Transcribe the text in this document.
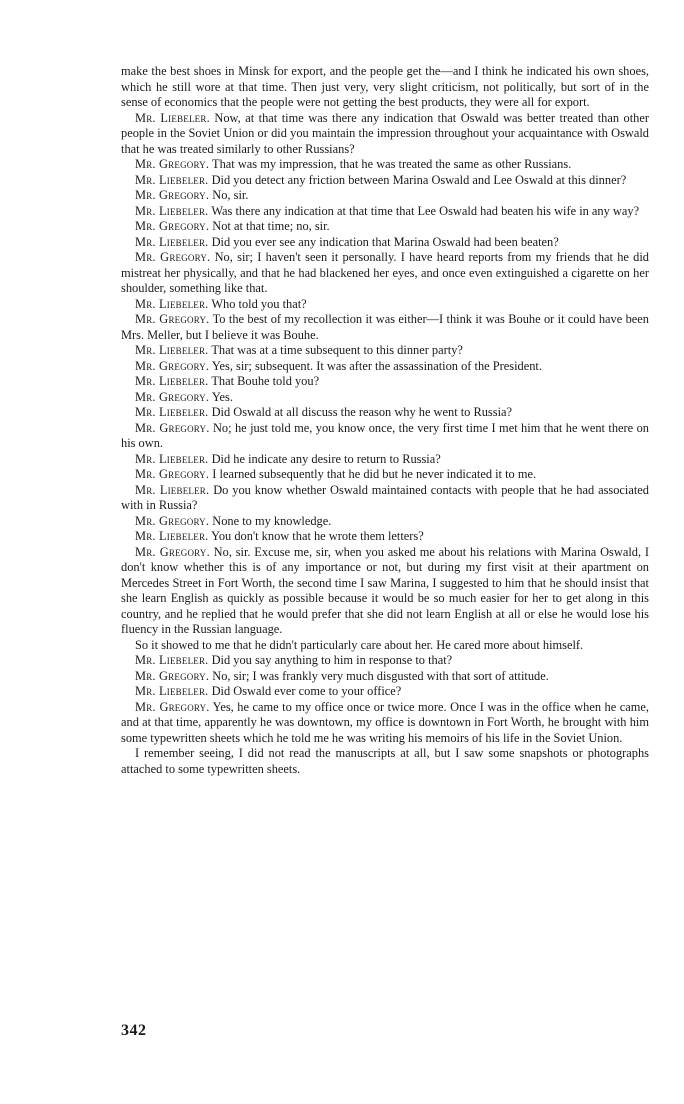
make the best shoes in Minsk for export, and the people get the—and I think he indicated his own shoes, which he still wore at that time. Then just very, very slight criticism, not politically, but sort of in the sense of economics that the people were not getting the best products, they were all for export.

Mr. Liebeler. Now, at that time was there any indication that Oswald was better treated than other people in the Soviet Union or did you maintain the impression throughout your acquaintance with Oswald that he was treated similarly to other Russians?

Mr. Gregory. That was my impression, that he was treated the same as other Russians.

Mr. Liebeler. Did you detect any friction between Marina Oswald and Lee Oswald at this dinner?

Mr. Gregory. No, sir.

Mr. Liebeler. Was there any indication at that time that Lee Oswald had beaten his wife in any way?

Mr. Gregory. Not at that time; no, sir.

Mr. Liebeler. Did you ever see any indication that Marina Oswald had been beaten?

Mr. Gregory. No, sir; I haven't seen it personally. I have heard reports from my friends that he did mistreat her physically, and that he had blackened her eyes, and once even extinguished a cigarette on her shoulder, something like that.

Mr. Liebeler. Who told you that?

Mr. Gregory. To the best of my recollection it was either—I think it was Bouhe or it could have been Mrs. Meller, but I believe it was Bouhe.

Mr. Liebeler. That was at a time subsequent to this dinner party?

Mr. Gregory. Yes, sir; subsequent. It was after the assassination of the President.

Mr. Liebeler. That Bouhe told you?

Mr. Gregory. Yes.

Mr. Liebeler. Did Oswald at all discuss the reason why he went to Russia?

Mr. Gregory. No; he just told me, you know once, the very first time I met him that he went there on his own.

Mr. Liebeler. Did he indicate any desire to return to Russia?

Mr. Gregory. I learned subsequently that he did but he never indicated it to me.

Mr. Liebeler. Do you know whether Oswald maintained contacts with people that he had associated with in Russia?

Mr. Gregory. None to my knowledge.

Mr. Liebeler. You don't know that he wrote them letters?

Mr. Gregory. No, sir. Excuse me, sir, when you asked me about his relations with Marina Oswald, I don't know whether this is of any importance or not, but during my first visit at their apartment on Mercedes Street in Fort Worth, the second time I saw Marina, I suggested to him that he should insist that she learn English as quickly as possible because it would be so much easier for her to get along in this country, and he replied that he would prefer that she did not learn English at all or else he would lose his fluency in the Russian language.

So it showed to me that he didn't particularly care about her. He cared more about himself.

Mr. Liebeler. Did you say anything to him in response to that?

Mr. Gregory. No, sir; I was frankly very much disgusted with that sort of attitude.

Mr. Liebeler. Did Oswald ever come to your office?

Mr. Gregory. Yes, he came to my office once or twice more. Once I was in the office when he came, and at that time, apparently he was downtown, my office is downtown in Fort Worth, he brought with him some typewritten sheets which he told me he was writing his memoirs of his life in the Soviet Union.

I remember seeing, I did not read the manuscripts at all, but I saw some snapshots or photographs attached to some typewritten sheets.

342
